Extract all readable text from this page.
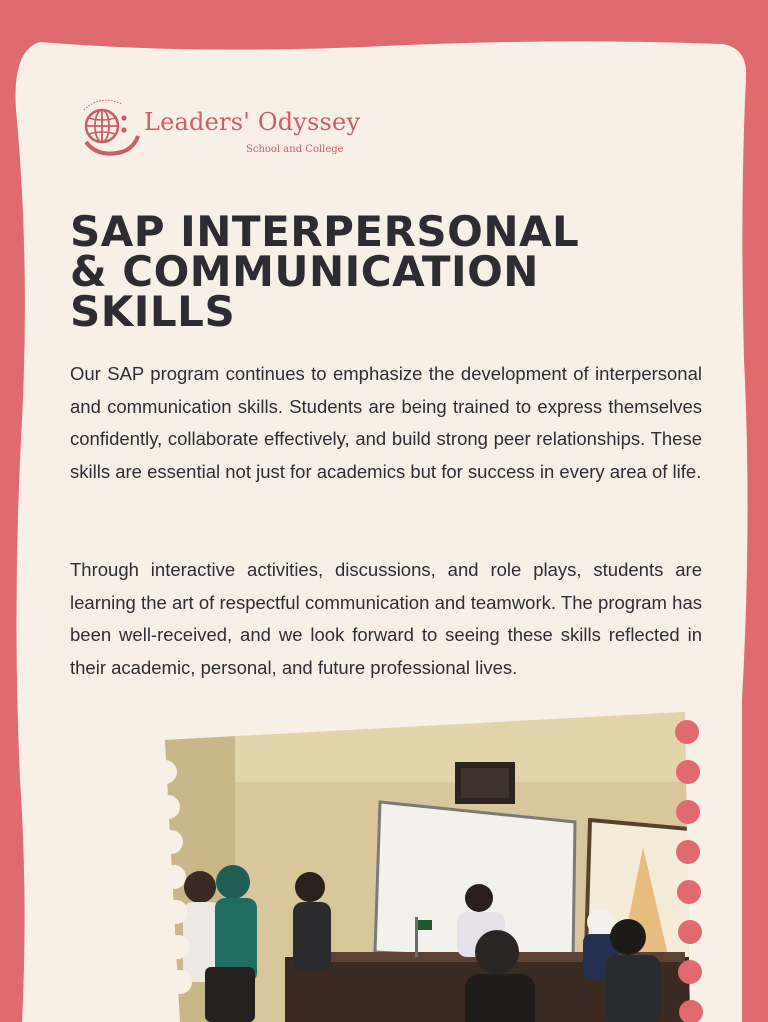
Leaders' Odyssey
School and College
SAP INTERPERSONAL & COMMUNICATION SKILLS

Our SAP program continues to emphasize the development of interpersonal and communication skills. Students are being trained to express themselves confidently, collaborate effectively, and build strong peer relationships. These skills are essential not just for academics but for success in every area of life.

Through interactive activities, discussions, and role plays, students are learning the art of respectful communication and teamwork. The program has been well-received, and we look forward to seeing these skills reflected in their academic, personal, and future professional lives.
